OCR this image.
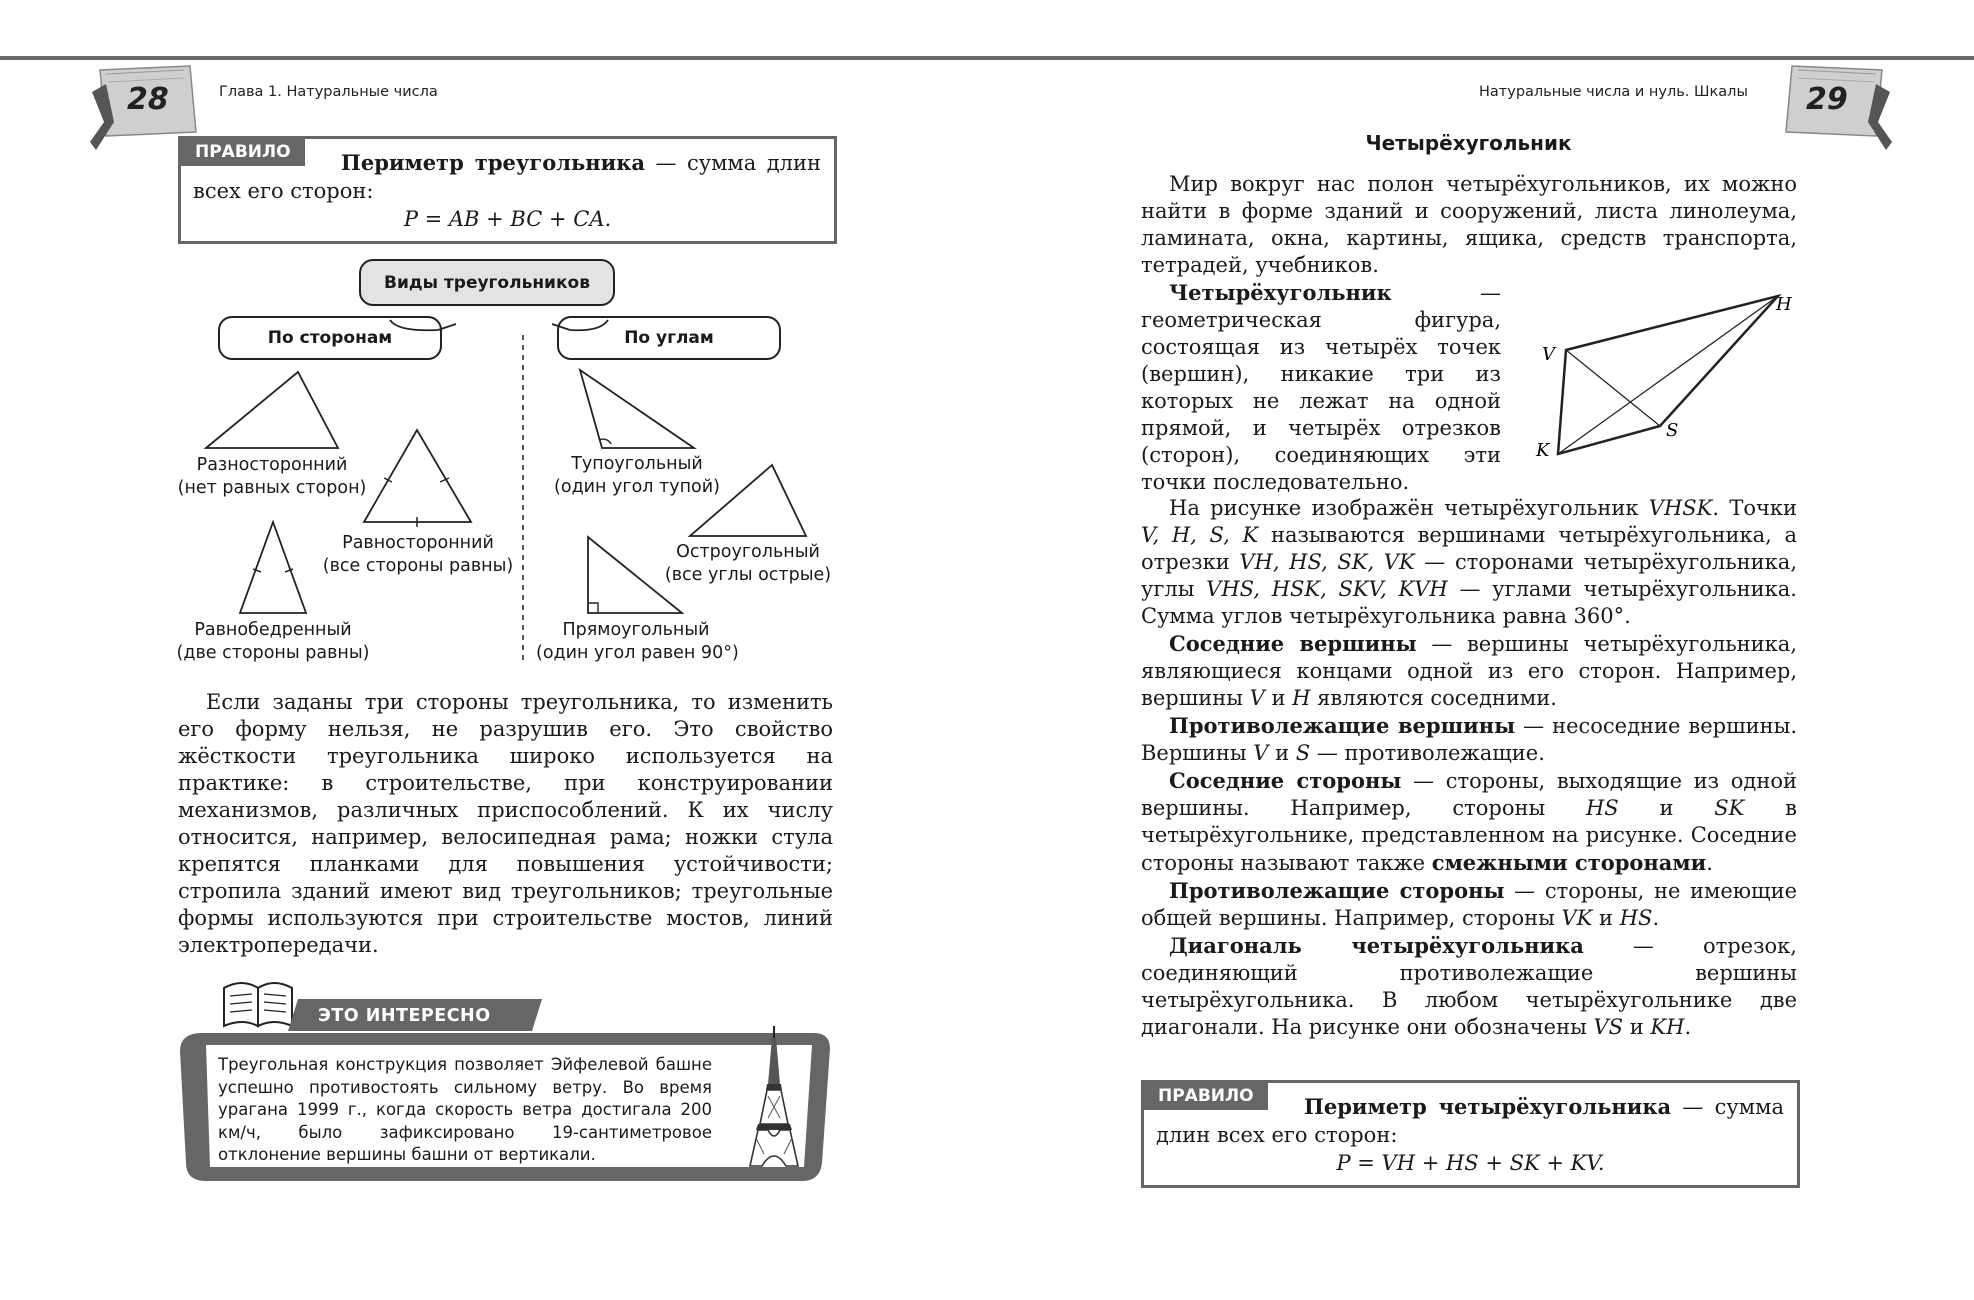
28	Глава 1. Натуральные числа
ПРАВИЛО	Периметр треугольника — сумма длин всех его сторон:
P = AB + BC + CA.
Виды треугольников
По сторонам	По углам
Разносторонний
(нет равных сторон)
Равносторонний
(все стороны равны)
Равнобедренный
(две стороны равны)
Тупоугольный
(один угол тупой)
Остроугольный
(все углы острые)
Прямоугольный
(один угол равен 90°)

Если заданы три стороны треугольника, то изменить его форму нельзя, не разрушив его. Это свойство жёсткости треугольника широко используется на практике: в строительстве, при конструировании механизмов, различных приспособлений. К их числу относится, например, велосипедная рама; ножки стула крепятся планками для повышения устойчивости; стропила зданий имеют вид треугольников; треугольные формы используются при строительстве мостов, линий электропередачи.

ЭТО ИНТЕРЕСНО
Треугольная конструкция позволяет Эйфелевой башне успешно противостоять сильному ветру. Во время урагана 1999 г., когда скорость ветра достигала 200 км/ч, было зафиксировано 19-сантиметровое отклонение вершины башни от вертикали.
Натуральные числа и нуль. Шкалы 29
Четырёхугольник

Мир вокруг нас полон четырёхугольников, их можно найти в форме зданий и сооружений, листа линолеума, ламината, окна, картины, ящика, средств транспорта, тетрадей, учебников.

Четырёхугольник — геометрическая фигура, состоящая из четырёх точек (вершин), никакие три из которых не лежат на одной прямой, и четырёх отрезков (сторон), соединяющих эти точки последовательно.

V
H
S
K

На рисунке изображён четырёхугольник VHSK. Точки V, H, S, K называются вершинами четырёхугольника, а отрезки VH, HS, SK, VK — сторонами четырёхугольника, углы VHS, HSK, SKV, KVH — углами четырёхугольника. Сумма углов четырёхугольника равна 360°.

Соседние вершины — вершины четырёхугольника, являющиеся концами одной из его сторон. Например, вершины V и H являются соседними.

Противолежащие вершины — несоседние вершины. Вершины V и S — противолежащие.

Соседние стороны — стороны, выходящие из одной вершины. Например, стороны HS и SK в четырёхугольнике, представленном на рисунке. Соседние стороны называют также смежными сторонами.

Противолежащие стороны — стороны, не имеющие общей вершины. Например, стороны VK и HS.

Диагональ четырёхугольника — отрезок, соединяющий противолежащие вершины четырёхугольника. В любом четырёхугольнике две диагонали. На рисунке они обозначены VS и KH.

ПРАВИЛО	Периметр четырёхугольника — сумма длин всех его сторон:
P = VH + HS + SK + KV.
